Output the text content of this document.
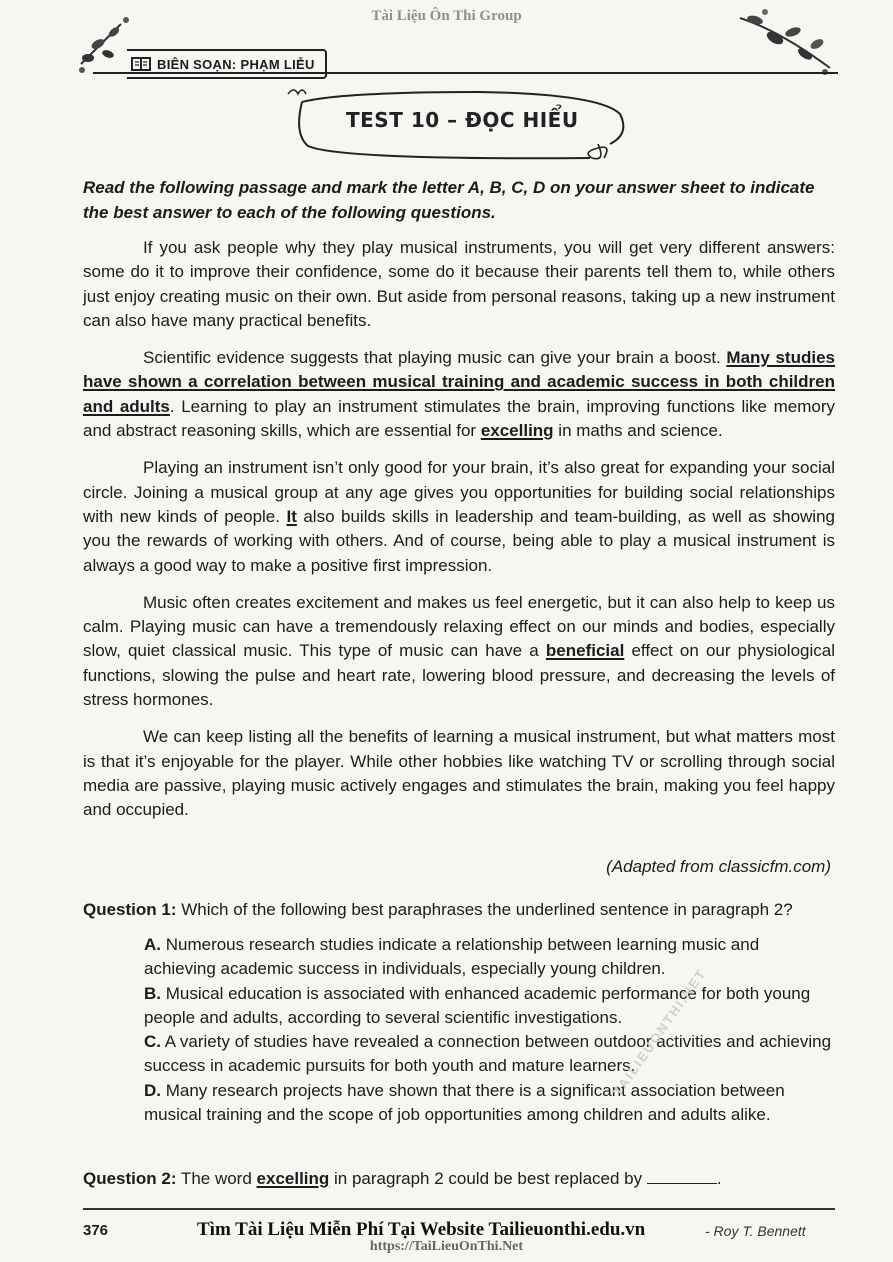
Tài Liệu Ôn Thi Group
BIÊN SOẠN: PHẠM LIỄU
TEST 10 – ĐỌC HIỂU
Read the following passage and mark the letter A, B, C, D on your answer sheet to indicate the best answer to each of the following questions.

If you ask people why they play musical instruments, you will get very different answers: some do it to improve their confidence, some do it because their parents tell them to, while others just enjoy creating music on their own. But aside from personal reasons, taking up a new instrument can also have many practical benefits.

Scientific evidence suggests that playing music can give your brain a boost. Many studies have shown a correlation between musical training and academic success in both children and adults. Learning to play an instrument stimulates the brain, improving functions like memory and abstract reasoning skills, which are essential for excelling in maths and science.

Playing an instrument isn’t only good for your brain, it’s also great for expanding your social circle. Joining a musical group at any age gives you opportunities for building social relationships with new kinds of people. It also builds skills in leadership and team-building, as well as showing you the rewards of working with others. And of course, being able to play a musical instrument is always a good way to make a positive first impression.

Music often creates excitement and makes us feel energetic, but it can also help to keep us calm. Playing music can have a tremendously relaxing effect on our minds and bodies, especially slow, quiet classical music. This type of music can have a beneficial effect on our physiological functions, slowing the pulse and heart rate, lowering blood pressure, and decreasing the levels of stress hormones.

We can keep listing all the benefits of learning a musical instrument, but what matters most is that it’s enjoyable for the player. While other hobbies like watching TV or scrolling through social media are passive, playing music actively engages and stimulates the brain, making you feel happy and occupied.

(Adapted from classicfm.com)
Question 1: Which of the following best paraphrases the underlined sentence in paragraph 2?

A. Numerous research studies indicate a relationship between learning music and achieving academic success in individuals, especially young children.

B. Musical education is associated with enhanced academic performance for both young people and adults, according to several scientific investigations.

C. A variety of studies have revealed a connection between outdoor activities and achieving success in academic pursuits for both youth and mature learners.

D. Many research projects have shown that there is a significant association between musical training and the scope of job opportunities among children and adults alike.

Question 2: The word excelling in paragraph 2 could be best replaced by	.
TAILIEUONTHI.NET
376	- Roy T. Bennett
Tìm Tài Liệu Miễn Phí Tại Website Tailieuonthi.edu.vn
https://TaiLieuOnThi.Net
